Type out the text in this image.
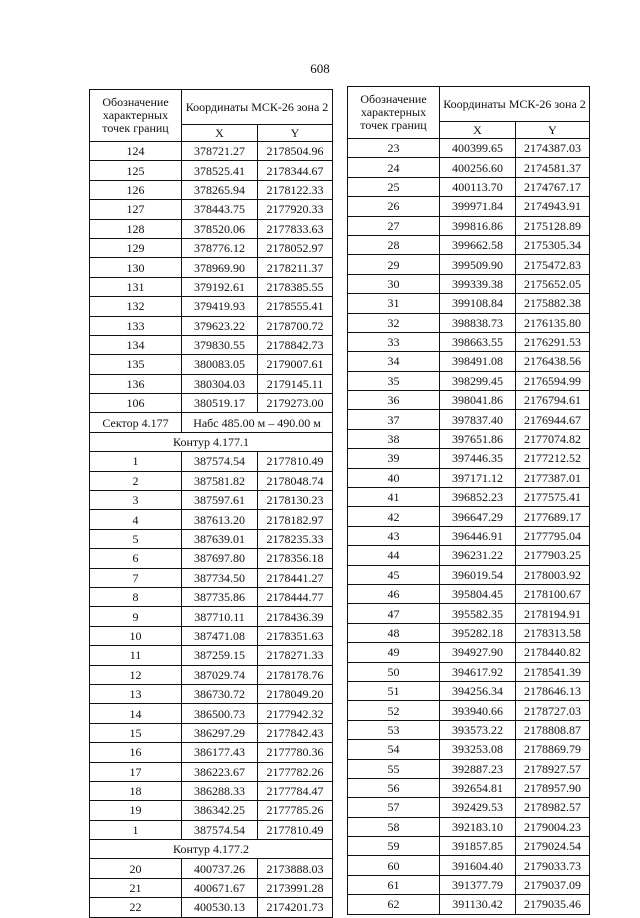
608
Обозначение характерных точек границ	Координаты МСК-26 зона 2	
	X	Y
124	378721.27	2178504.96
125	378525.41	2178344.67
126	378265.94	2178122.33
127	378443.75	2177920.33
128	378520.06	2177833.63
129	378776.12	2178052.97
130	378969.90	2178211.37
131	379192.61	2178385.55
132	379419.93	2178555.41
133	379623.22	2178700.72
134	379830.55	2178842.73
135	380083.05	2179007.61
136	380304.03	2179145.11
106	380519.17	2179273.00
Сектор 4.177	Набс 485.00 м – 490.00 м	
Контур 4.177.1		
1	387574.54	2177810.49
2	387581.82	2178048.74
3	387597.61	2178130.23
4	387613.20	2178182.97
5	387639.01	2178235.33
6	387697.80	2178356.18
7	387734.50	2178441.27
8	387735.86	2178444.77
9	387710.11	2178436.39
10	387471.08	2178351.63
11	387259.15	2178271.33
12	387029.74	2178178.76
13	386730.72	2178049.20
14	386500.73	2177942.32
15	386297.29	2177842.43
16	386177.43	2177780.36
17	386223.67	2177782.26
18	386288.33	2177784.47
19	386342.25	2177785.26
1	387574.54	2177810.49
Контур 4.177.2		
20	400737.26	2173888.03
21	400671.67	2173991.28
22	400530.13	2174201.73
Обозначение характерных точек границ	Координаты МСК-26 зона 2	
	X	Y
23	400399.65	2174387.03
24	400256.60	2174581.37
25	400113.70	2174767.17
26	399971.84	2174943.91
27	399816.86	2175128.89
28	399662.58	2175305.34
29	399509.90	2175472.83
30	399339.38	2175652.05
31	399108.84	2175882.38
32	398838.73	2176135.80
33	398663.55	2176291.53
34	398491.08	2176438.56
35	398299.45	2176594.99
36	398041.86	2176794.61
37	397837.40	2176944.67
38	397651.86	2177074.82
39	397446.35	2177212.52
40	397171.12	2177387.01
41	396852.23	2177575.41
42	396647.29	2177689.17
43	396446.91	2177795.04
44	396231.22	2177903.25
45	396019.54	2178003.92
46	395804.45	2178100.67
47	395582.35	2178194.91
48	395282.18	2178313.58
49	394927.90	2178440.82
50	394617.92	2178541.39
51	394256.34	2178646.13
52	393940.66	2178727.03
53	393573.22	2178808.87
54	393253.08	2178869.79
55	392887.23	2178927.57
56	392654.81	2178957.90
57	392429.53	2178982.57
58	392183.10	2179004.23
59	391857.85	2179024.54
60	391604.40	2179033.73
61	391377.79	2179037.09
62	391130.42	2179035.46
